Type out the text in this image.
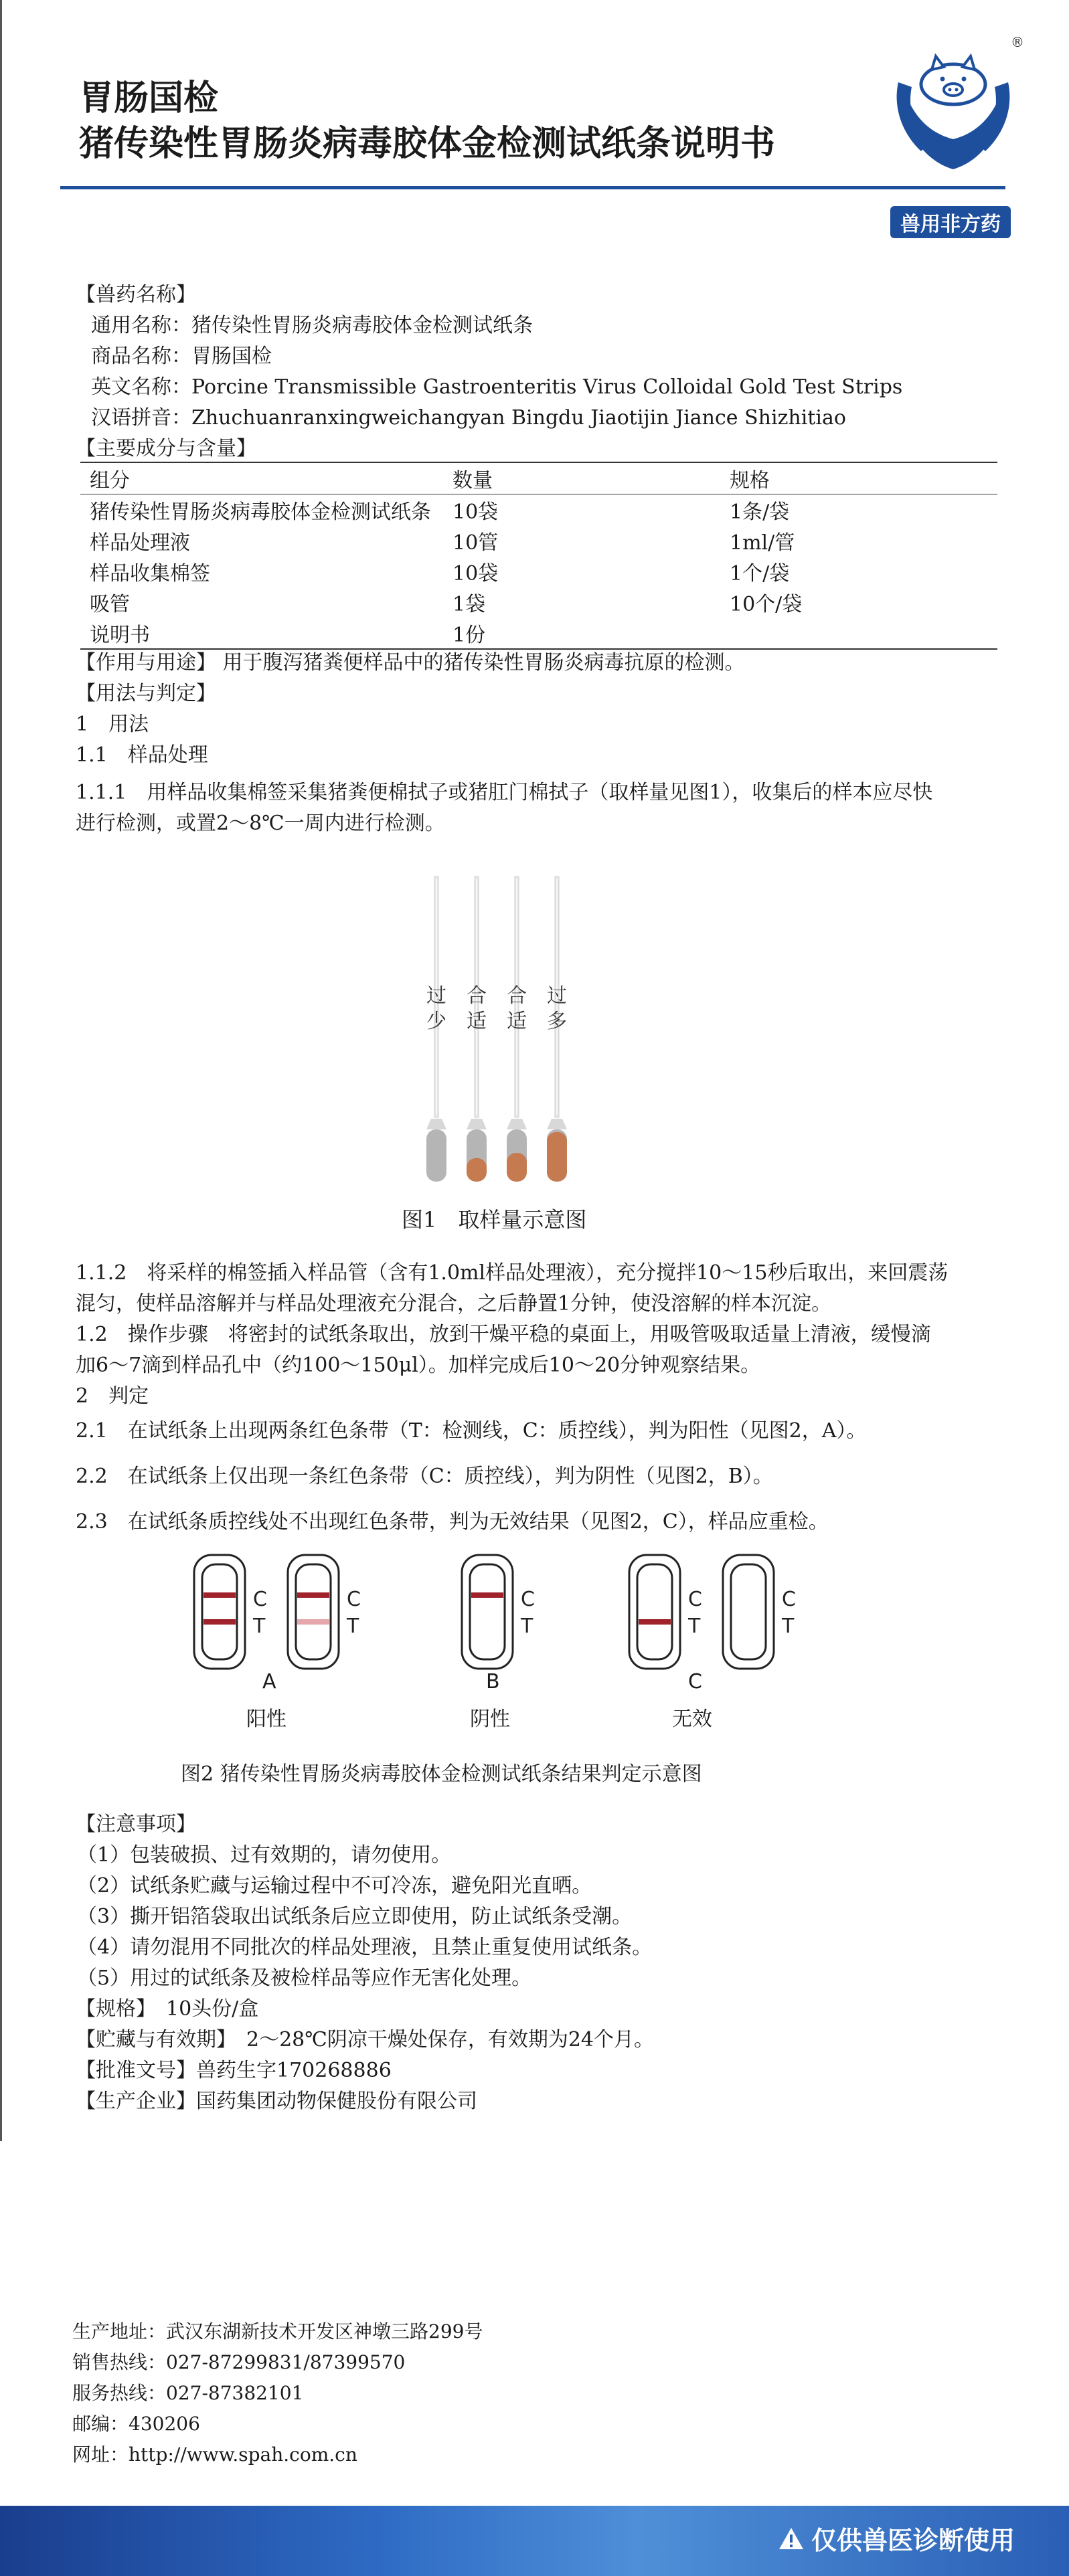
胃肠国检
猪传染性胃肠炎病毒胶体金检测试纸条说明书
®
兽用非方药
【兽药名称】
通用名称：猪传染性胃肠炎病毒胶体金检测试纸条
商品名称：胃肠国检
英文名称：Porcine Transmissible Gastroenteritis Virus Colloidal Gold Test Strips
汉语拼音：Zhuchuanranxingweichangyan Bingdu Jiaotijin Jiance Shizhitiao
【主要成分与含量】
组分	数量	规格
猪传染性胃肠炎病毒胶体金检测试纸条	10袋	1条/袋
样品处理液	10管	1ml/管
样品收集棉签	10袋	1个/袋
吸管	1袋	10个/袋
说明书	1份	
【作用与用途】 用于腹泻猪粪便样品中的猪传染性胃肠炎病毒抗原的检测。
【用法与判定】
1　用法
1.1　样品处理
1.1.1　用样品收集棉签采集猪粪便棉拭子或猪肛门棉拭子（取样量见图1），收集后的样本应尽快
进行检测，或置2～8℃一周内进行检测。
过
少
合
适
合
适
过
多
图1　取样量示意图
1.1.2　将采样的棉签插入样品管（含有1.0ml样品处理液），充分搅拌10～15秒后取出，来回震荡
混匀，使样品溶解并与样品处理液充分混合，之后静置1分钟，使没溶解的样本沉淀。
1.2　操作步骤　将密封的试纸条取出，放到干燥平稳的桌面上，用吸管吸取适量上清液，缓慢滴
加6～7滴到样品孔中（约100～150μl）。加样完成后10～20分钟观察结果。
2　判定
2.1　在试纸条上出现两条红色条带（T：检测线，C：质控线），判为阳性（见图2，A）。
2.2　在试纸条上仅出现一条红色条带（C：质控线），判为阴性（见图2，B）。
2.3　在试纸条质控线处不出现红色条带，判为无效结果（见图2，C），样品应重检。
C
T
C
T
C
T
C
T
C
T
A
阳性
B
阴性
C
无效
图2 猪传染性胃肠炎病毒胶体金检测试纸条结果判定示意图
【注意事项】
（1）包装破损、过有效期的，请勿使用。
（2）试纸条贮藏与运输过程中不可冷冻，避免阳光直晒。
（3）撕开铝箔袋取出试纸条后应立即使用，防止试纸条受潮。
（4）请勿混用不同批次的样品处理液，且禁止重复使用试纸条。
（5）用过的试纸条及被检样品等应作无害化处理。
【规格】　10头份/盒
【贮藏与有效期】　2～28℃阴凉干燥处保存，有效期为24个月。
【批准文号】兽药生字170268886
【生产企业】国药集团动物保健股份有限公司
生产地址：武汉东湖新技术开发区神墩三路299号
销售热线：027-87299831/87399570
服务热线：027-87382101
邮编：430206
网址：http://www.spah.com.cn
仅供兽医诊断使用
